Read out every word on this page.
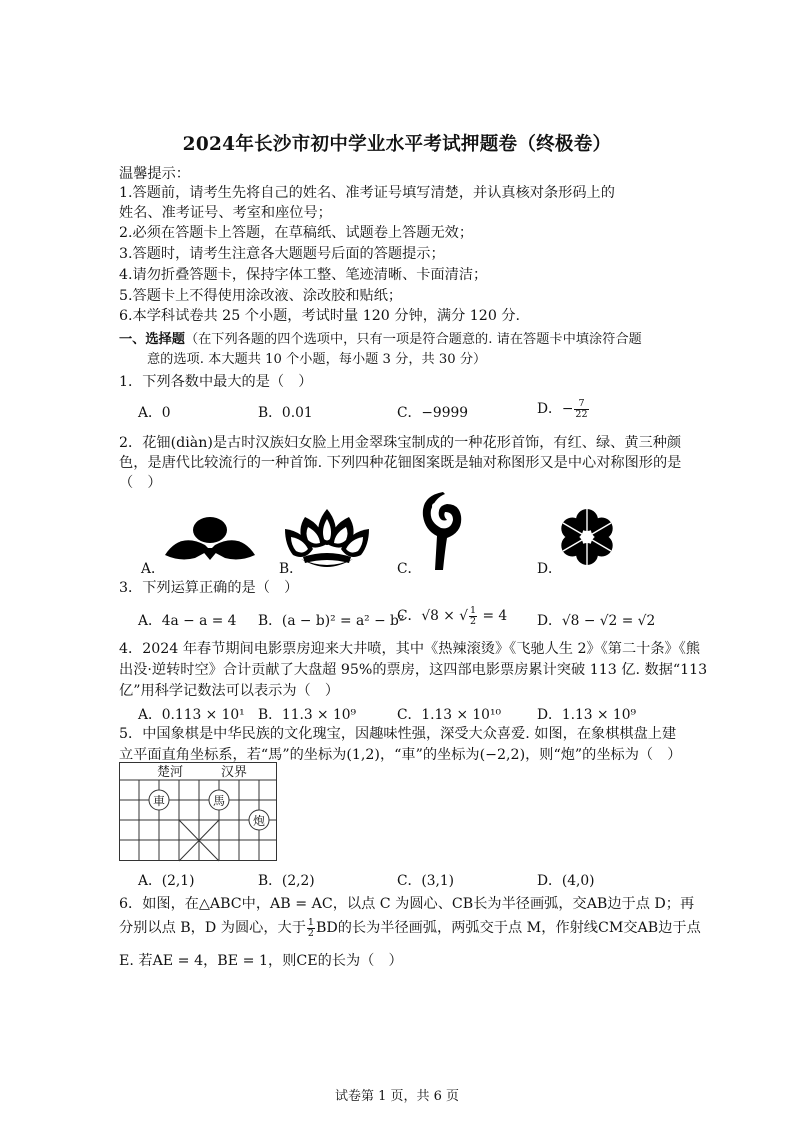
2024年长沙市初中学业水平考试押题卷（终极卷）
温馨提示：
1.答题前，请考生先将自己的姓名、准考证号填写清楚，并认真核对条形码上的
姓名、准考证号、考室和座位号；
2.必须在答题卡上答题，在草稿纸、试题卷上答题无效；
3.答题时，请考生注意各大题题号后面的答题提示；
4.请勿折叠答题卡，保持字体工整、笔迹清晰、卡面清洁；
5.答题卡上不得使用涂改液、涂改胶和贴纸；
6.本学科试卷共 25 个小题，考试时量 120 分钟，满分 120 分.
一、选择题（在下列各题的四个选项中，只有一项是符合题意的. 请在答题卡中填涂符合题
意的选项. 本大题共 10 个小题，每小题 3 分，共 30 分）
1．下列各数中最大的是（　）
A．0	B．0.01	C．−9999	D．− $\frac{7}{22}$
2．花钿(diàn)是古时汉族妇女脸上用金翠珠宝制成的一种花形首饰，有红、绿、黄三种颜
色，是唐代比较流行的一种首饰. 下列四种花钿图案既是轴对称图形又是中心对称图形的是
（　）
A．	B．	C．	D．
3．下列运算正确的是（　）
A．4a − a = 4 B．(a − b)² = a² − b²
C．√8 × √ $\frac{1}{2} = 4$ D．√8 − √2 = √2
4．2024 年春节期间电影票房迎来大井喷，其中《热辣滚烫》《飞驰人生 2》《第二十条》《熊
出没·逆转时空》合计贡献了大盘超 95%的票房，这四部电影票房累计突破 113 亿. 数据“113
亿”用科学记数法可以表示为（　）
A．0.113 × 10¹ B．11.3 × 10⁹	C．1.13 × 10¹⁰	D．1.13 × 10⁹
5．中国象棋是中华民族的文化瑰宝，因趣味性强，深受大众喜爱. 如图，在象棋棋盘上建
立平面直角坐标系，若“馬”的坐标为(1,2)，“車”的坐标为(−2,2)，则“炮”的坐标为（　）
楚河	汉界
車	馬
炮
A．(2,1)	B．(2,2)	C．(3,1)	D．(4,0)
6．如图，在△ABC中，AB = AC，以点 C 为圆心、CB长为半径画弧，交AB边于点 D；再
分别以点 B，D 为圆心，大于 $\frac{1}{2}$ BD的长为半径画弧，两弧交于点 M，作射线CM交AB边于点
E. 若AE = 4，BE = 1，则CE的长为（　）
试卷第 1 页，共 6 页
